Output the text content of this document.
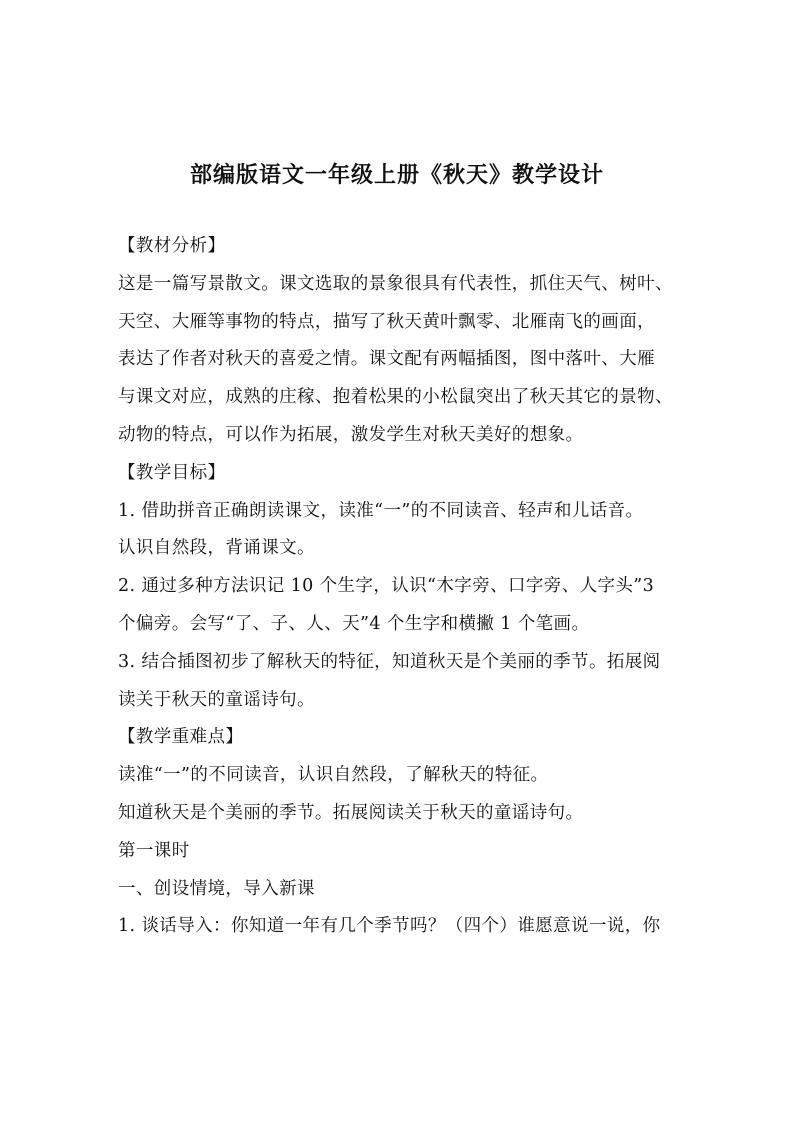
部编版语文一年级上册《秋天》教学设计
【教材分析】
这是一篇写景散文。课文选取的景象很具有代表性，抓住天气、树叶、
天空、大雁等事物的特点，描写了秋天黄叶飘零、北雁南飞的画面，
表达了作者对秋天的喜爱之情。课文配有两幅插图，图中落叶、大雁
与课文对应，成熟的庄稼、抱着松果的小松鼠突出了秋天其它的景物、
动物的特点，可以作为拓展，激发学生对秋天美好的想象。
【教学目标】
1. 借助拼音正确朗读课文，读准“一”的不同读音、轻声和儿话音。
认识自然段，背诵课文。
2. 通过多种方法识记 10 个生字，认识“木字旁、口字旁、人字头”3
个偏旁。会写“了、子、人、天”4 个生字和横撇 1 个笔画。
3. 结合插图初步了解秋天的特征，知道秋天是个美丽的季节。拓展阅
读关于秋天的童谣诗句。
【教学重难点】
读准“一”的不同读音，认识自然段，了解秋天的特征。
知道秋天是个美丽的季节。拓展阅读关于秋天的童谣诗句。
第一课时
一、创设情境，导入新课
1. 谈话导入：你知道一年有几个季节吗？（四个）谁愿意说一说，你
